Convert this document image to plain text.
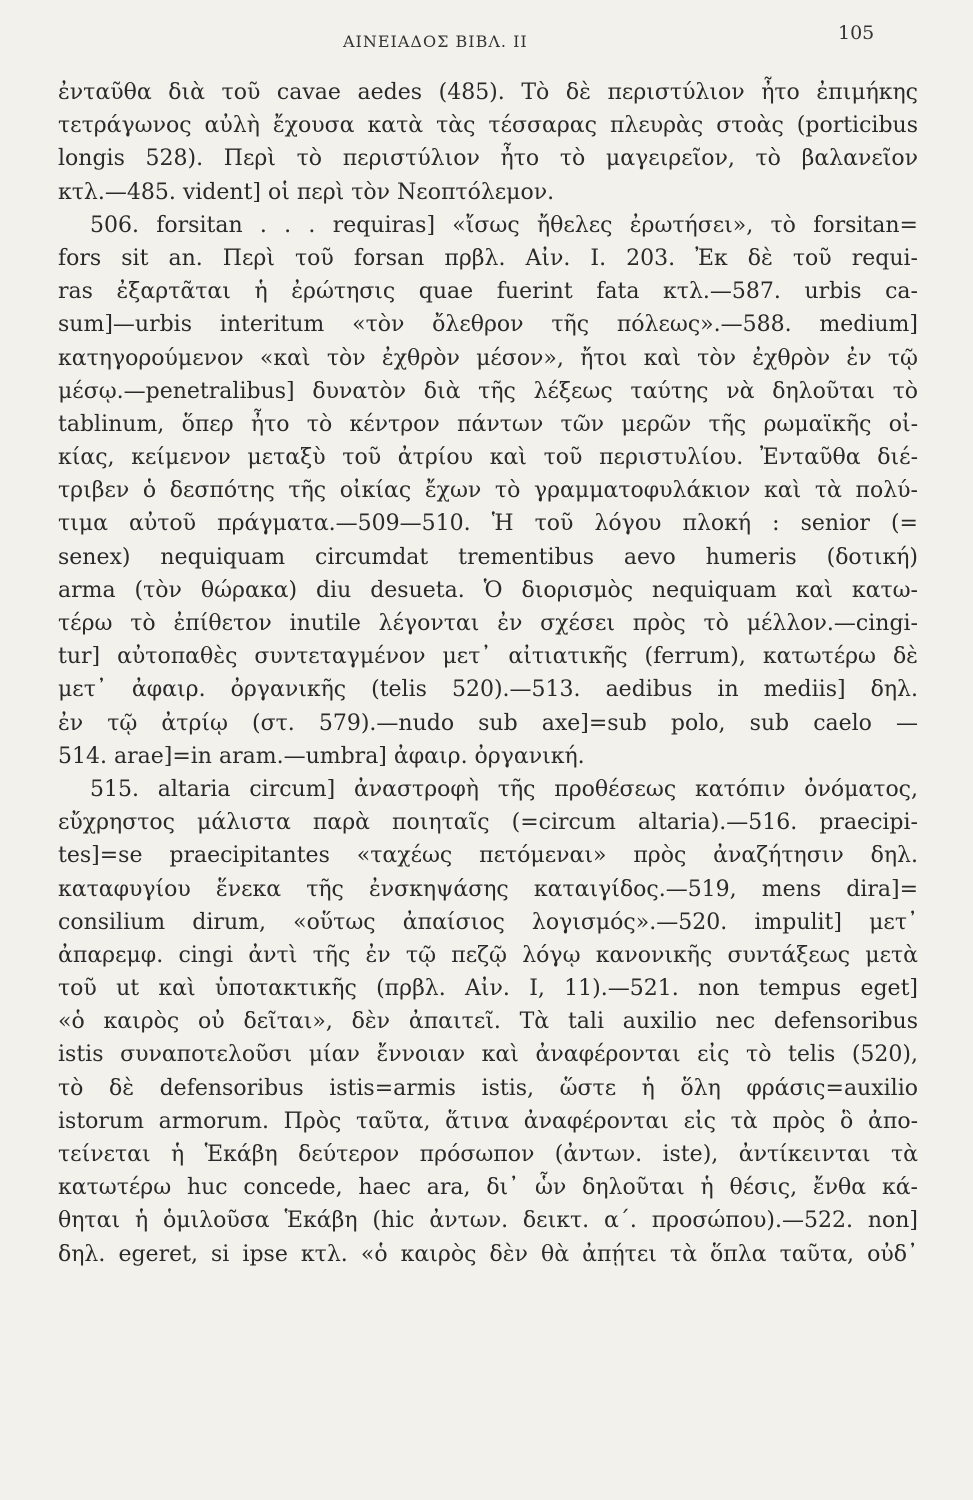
ΑΙΝΕΙΑΔΟΣ ΒΙΒΛ. ΙΙ	105
ἐνταῦθα διὰ τοῦ cavae aedes (485). Τὸ δὲ περιστύλιον ἦτο ἐπιμήκης
τετράγωνος αὐλὴ ἔχουσα κατὰ τὰς τέσσαρας πλευρὰς στοὰς (porticibus
longis 528). Περὶ τὸ περιστύλιον ἦτο τὸ μαγειρεῖον, τὸ βαλανεῖον
κτλ.—485. vident] οἱ περὶ τὸν Νεοπτόλεμον.
506. forsitan . . . requiras] «ἴσως ἤθελες ἐρωτήσει», τὸ forsitan=
fors sit an. Περὶ τοῦ forsan πρβλ. Αἰν. I. 203. Ἐκ δὲ τοῦ requi-
ras ἐξαρτᾶται ἡ ἐρώτησις quae fuerint fata κτλ.—587. urbis ca-
sum]—urbis interitum «τὸν ὄλεθρον τῆς πόλεως».—588. medium]
κατηγορούμενον «καὶ τὸν ἐχθρὸν μέσον», ἤτοι καὶ τὸν ἐχθρὸν ἐν τῷ
μέσῳ.—penetralibus] δυνατὸν διὰ τῆς λέξεως ταύτης νὰ δηλοῦται τὸ
tablinum, ὅπερ ἦτο τὸ κέντρον πάντων τῶν μερῶν τῆς ρωμαϊκῆς οἰ-
κίας, κείμενον μεταξὺ τοῦ ἀτρίου καὶ τοῦ περιστυλίου. Ἐνταῦθα διέ-
τριβεν ὁ δεσπότης τῆς οἰκίας ἔχων τὸ γραμματοφυλάκιον καὶ τὰ πολύ-
τιμα αὐτοῦ πράγματα.—509—510. Ἡ τοῦ λόγου πλοκή : senior (=
senex) nequiquam circumdat trementibus aevo humeris (δοτική)
arma (τὸν θώρακα) diu desueta. Ὁ διορισμὸς nequiquam καὶ κατω-
τέρω τὸ ἐπίθετον inutile λέγονται ἐν σχέσει πρὸς τὸ μέλλον.—cingi-
tur] αὐτοπαθὲς συντεταγμένον μετ᾿ αἰτιατικῆς (ferrum), κατωτέρω δὲ
μετ᾿ ἀφαιρ. ὀργανικῆς (telis 520).—513. aedibus in mediis] δηλ.
ἐν τῷ ἀτρίῳ (στ. 579).—nudo sub axe]=sub polo, sub caelo —
514. arae]=in aram.—umbra] ἀφαιρ. ὀργανική.
515. altaria circum] ἀναστροφὴ τῆς προθέσεως κατόπιν ὀνόματος,
εὔχρηστος μάλιστα παρὰ ποιηταῖς (=circum altaria).—516. praecipi-
tes]=se praecipitantes «ταχέως πετόμεναι» πρὸς ἀναζήτησιν δηλ.
καταφυγίου ἕνεκα τῆς ἐνσκηψάσης καταιγίδος.—519, mens dira]=
consilium dirum, «οὕτως ἀπαίσιος λογισμός».—520. impulit] μετ᾿
ἀπαρεμφ. cingi ἀντὶ τῆς ἐν τῷ πεζῷ λόγῳ κανονικῆς συντάξεως μετὰ
τοῦ ut καὶ ὑποτακτικῆς (πρβλ. Αἰν. I, 11).—521. non tempus eget]
«ὁ καιρὸς οὐ δεῖται», δὲν ἀπαιτεῖ. Τὰ tali auxilio nec defensoribus
istis συναποτελοῦσι μίαν ἔννοιαν καὶ ἀναφέρονται εἰς τὸ telis (520),
τὸ δὲ defensoribus istis=armis istis, ὥστε ἡ ὅλη φράσις=auxilio
istorum armorum. Πρὸς ταῦτα, ἅτινα ἀναφέρονται εἰς τὰ πρὸς ὃ ἀπο-
τείνεται ἡ Ἑκάβη δεύτερον πρόσωπον (ἀντων. iste), ἀντίκεινται τὰ
κατωτέρω huc concede, haec ara, δι᾿ ὧν δηλοῦται ἡ θέσις, ἔνθα κά-
θηται ἡ ὁμιλοῦσα Ἑκάβη (hic ἀντων. δεικτ. α΄. προσώπου).—522. non]
δηλ. egeret, si ipse κτλ. «ὁ καιρὸς δὲν θὰ ἀπῄτει τὰ ὅπλα ταῦτα, οὐδ᾿
